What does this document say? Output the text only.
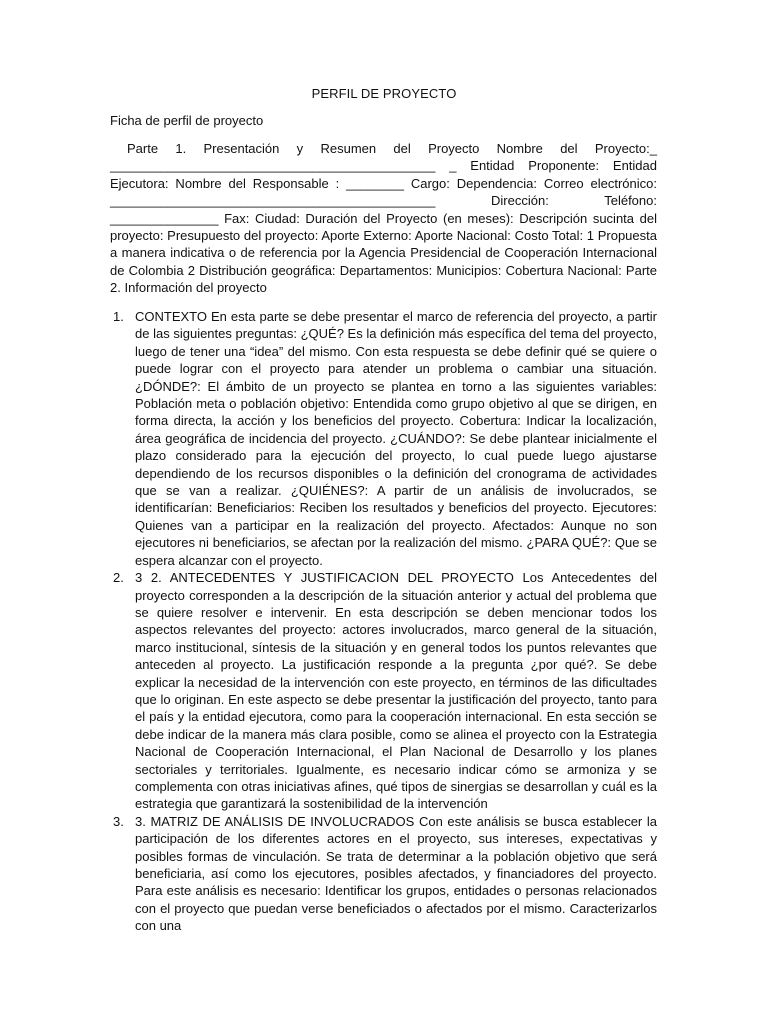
PERFIL DE PROYECTO
Ficha de perfil de proyecto
Parte 1. Presentación y Resumen del Proyecto Nombre del Proyecto:_ _____________________________________________ _ Entidad Proponente: Entidad Ejecutora: Nombre del Responsable : ________ Cargo: Dependencia: Correo electrónico: _____________________________________________ Dirección: Teléfono: _______________ Fax: Ciudad: Duración del Proyecto (en meses): Descripción sucinta del proyecto: Presupuesto del proyecto: Aporte Externo: Aporte Nacional: Costo Total: 1 Propuesta a manera indicativa o de referencia por la Agencia Presidencial de Cooperación Internacional de Colombia 2 Distribución geográfica: Departamentos: Municipios: Cobertura Nacional: Parte 2. Información del proyecto
1. CONTEXTO En esta parte se debe presentar el marco de referencia del proyecto, a partir de las siguientes preguntas: ¿QUÉ? Es la definición más específica del tema del proyecto, luego de tener una “idea” del mismo. Con esta respuesta se debe definir qué se quiere o puede lograr con el proyecto para atender un problema o cambiar una situación. ¿DÓNDE?: El ámbito de un proyecto se plantea en torno a las siguientes variables: Población meta o población objetivo: Entendida como grupo objetivo al que se dirigen, en forma directa, la acción y los beneficios del proyecto. Cobertura: Indicar la localización, área geográfica de incidencia del proyecto. ¿CUÁNDO?: Se debe plantear inicialmente el plazo considerado para la ejecución del proyecto, lo cual puede luego ajustarse dependiendo de los recursos disponibles o la definición del cronograma de actividades que se van a realizar. ¿QUIÉNES?: A partir de un análisis de involucrados, se identificarían: Beneficiarios: Reciben los resultados y beneficios del proyecto. Ejecutores: Quienes van a participar en la realización del proyecto. Afectados: Aunque no son ejecutores ni beneficiarios, se afectan por la realización del mismo. ¿PARA QUÉ?: Que se espera alcanzar con el proyecto.
2. 3 2. ANTECEDENTES Y JUSTIFICACION DEL PROYECTO Los Antecedentes del proyecto corresponden a la descripción de la situación anterior y actual del problema que se quiere resolver e intervenir. En esta descripción se deben mencionar todos los aspectos relevantes del proyecto: actores involucrados, marco general de la situación, marco institucional, síntesis de la situación y en general todos los puntos relevantes que anteceden al proyecto. La justificación responde a la pregunta ¿por qué?. Se debe explicar la necesidad de la intervención con este proyecto, en términos de las dificultades que lo originan. En este aspecto se debe presentar la justificación del proyecto, tanto para el país y la entidad ejecutora, como para la cooperación internacional. En esta sección se debe indicar de la manera más clara posible, como se alinea el proyecto con la Estrategia Nacional de Cooperación Internacional, el Plan Nacional de Desarrollo y los planes sectoriales y territoriales. Igualmente, es necesario indicar cómo se armoniza y se complementa con otras iniciativas afines, qué tipos de sinergias se desarrollan y cuál es la estrategia que garantizará la sostenibilidad de la intervención
3. 3. MATRIZ DE ANÁLISIS DE INVOLUCRADOS Con este análisis se busca establecer la participación de los diferentes actores en el proyecto, sus intereses, expectativas y posibles formas de vinculación. Se trata de determinar a la población objetivo que será beneficiaria, así como los ejecutores, posibles afectados, y financiadores del proyecto. Para este análisis es necesario: Identificar los grupos, entidades o personas relacionados con el proyecto que puedan verse beneficiados o afectados por el mismo. Caracterizarlos con una
